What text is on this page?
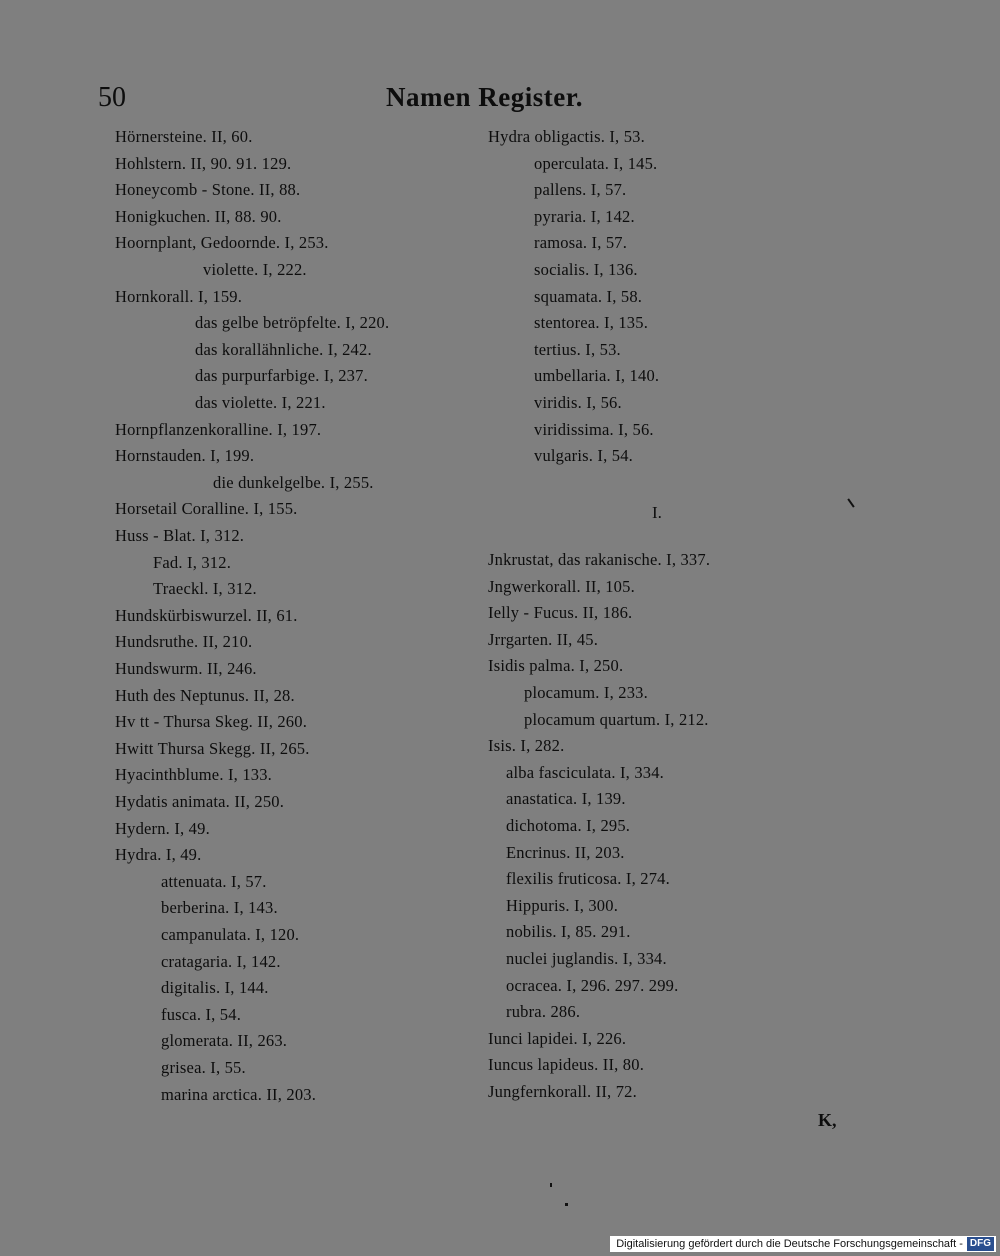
50	Namen Register.
Hörnersteine. II, 60.
Hohlstern. II, 90. 91. 129.
Honeycomb - Stone. II, 88.
Honigkuchen. II, 88. 90.
Hoornplant, Gedoornde. I, 253.
violette. I, 222.
Hornkorall. I, 159.
das gelbe betröpfelte. I, 220.
das korallähnliche. I, 242.
das purpurfarbige. I, 237.
das violette. I, 221.
Hornpflanzenkoralline. I, 197.
Hornstauden. I, 199.
die dunkelgelbe. I, 255.
Horsetail Coralline. I, 155.
Huss - Blat. I, 312.
Fad. I, 312.
Traeckl. I, 312.
Hundskürbiswurzel. II, 61.
Hundsruthe. II, 210.
Hundswurm. II, 246.
Huth des Neptunus. II, 28.
Hv tt - Thursa Skeg. II, 260.
Hwitt Thursa Skegg. II, 265.
Hyacinthblume. I, 133.
Hydatis animata. II, 250.
Hydern. I, 49.
Hydra. I, 49.
attenuata. I, 57.
berberina. I, 143.
campanulata. I, 120.
cratagaria. I, 142.
digitalis. I, 144.
fusca. I, 54.
glomerata. II, 263.
grisea. I, 55.
marina arctica. II, 203.
Hydra obligactis. I, 53.
operculata. I, 145.
pallens. I, 57.
pyraria. I, 142.
ramosa. I, 57.
socialis. I, 136.
squamata. I, 58.
stentorea. I, 135.
tertius. I, 53.
umbellaria. I, 140.
viridis. I, 56.
viridissima. I, 56.
vulgaris. I, 54.
Jnkrustat, das rakanische. I, 337.
Jngwerkorall. II, 105.
Ielly - Fucus. II, 186.
Jrrgarten. II, 45.
Isidis palma. I, 250.
plocamum. I, 233.
plocamum quartum. I, 212.
Isis. I, 282.
alba fasciculata. I, 334.
anastatica. I, 139.
dichotoma. I, 295.
Encrinus. II, 203.
flexilis fruticosa. I, 274.
Hippuris. I, 300.
nobilis. I, 85. 291.
nuclei juglandis. I, 334.
ocracea. I, 296. 297. 299.
rubra. 286.
Iunci lapidei. I, 226.
Iuncus lapideus. II, 80.
Jungfernkorall. II, 72.
I.
K,
Digitalisierung gefördert durch die Deutsche Forschungsgemeinschaft - DFG
